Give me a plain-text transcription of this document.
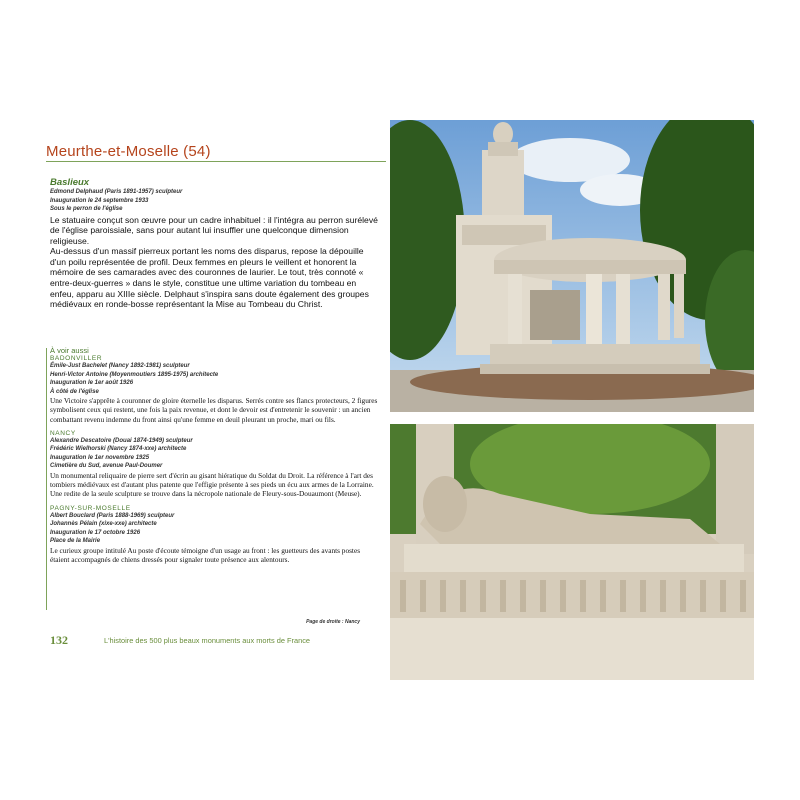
Meurthe-et-Moselle (54)
Baslieux
Edmond Delphaud (Paris 1891-1957) sculpteur
Inauguration le 24 septembre 1933
Sous le perron de l'église
Le statuaire conçut son œuvre pour un cadre inhabituel : il l'intégra au perron surélevé de l'église paroissiale, sans pour autant lui insuffler une quelconque dimension religieuse.
Au-dessus d'un massif pierreux portant les noms des disparus, repose la dépouille d'un poilu représentée de profil. Deux femmes en pleurs le veillent et honorent la mémoire de ses camarades avec des couronnes de laurier. Le tout, très connoté « entre-deux-guerres » dans le style, constitue une ultime variation du tombeau en enfeu, apparu au XIIIe siècle. Delphaut s'inspira sans doute également des groupes médiévaux en ronde-bosse représentant la Mise au Tombeau du Christ.
À voir aussi
BADONVILLER
Émile-Just Bachelet (Nancy 1892-1981) sculpteur
Henri-Victor Antoine (Moyenmoutiers 1895-1975) architecte
Inauguration le 1er août 1926
À côté de l'église
Une Victoire s'apprête à couronner de gloire éternelle les disparus. Serrés contre ses flancs protecteurs, 2 figures symbolisent ceux qui restent, une fois la paix revenue, et dont le devoir est d'entretenir le souvenir : un ancien combattant revenu indemne du front ainsi qu'une femme en deuil pleurant un proche, mari ou fils.
NANCY
Alexandre Descatoire (Douai 1874-1949) sculpteur
Frédéric Wielhorski (Nancy 1874-xxe) architecte
Inauguration le 1er novembre 1925
Cimetière du Sud, avenue Paul-Doumer
Un monumental reliquaire de pierre sert d'écrin au gisant hiératique du Soldat du Droit. La référence à l'art des tombiers médiévaux est d'autant plus patente que l'effigie présente à ses pieds un écu aux armes de la Lorraine. Une redite de la seule sculpture se trouve dans la nécropole nationale de Fleury-sous-Douaumont (Meuse).
PAGNY-SUR-MOSELLE
Albert Bouclard (Paris 1888-1969) sculpteur
Johannès Pélain (xixe-xxe) architecte
Inauguration le 17 octobre 1926
Place de la Mairie
Le curieux groupe intitulé Au poste d'écoute témoigne d'un usage au front : les guetteurs des avants postes étaient accompagnés de chiens dressés pour signaler toute présence aux alentours.
Page de droite : Nancy
132	L'histoire des 500 plus beaux monuments aux morts de France
